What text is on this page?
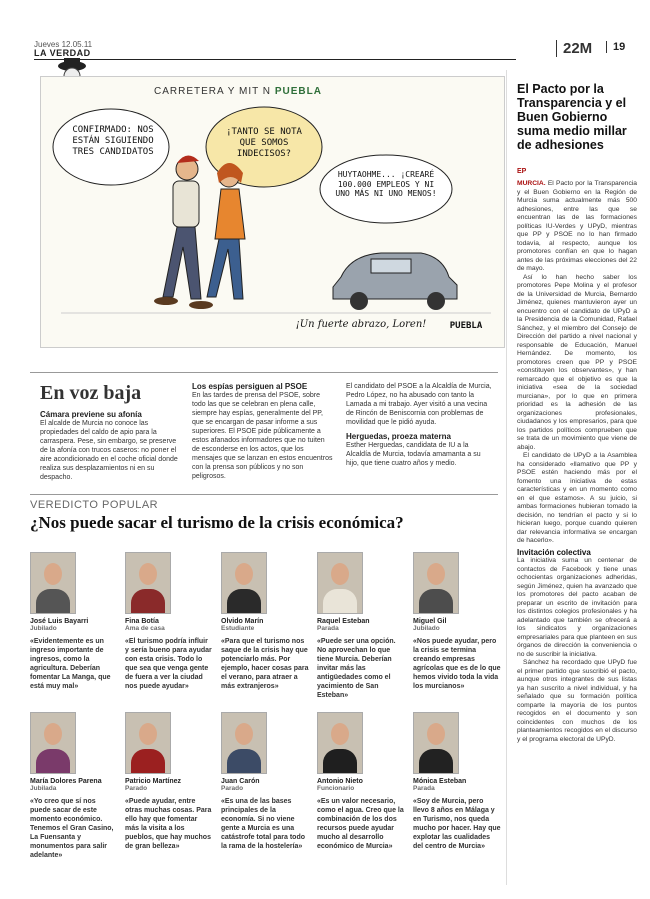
Jueves 12.05.11
LA VERDAD	22M	19
CONFIRMADO: NOS ESTÁN SIGUIENDO TRES CANDIDATOS
¡TANTO SE NOTA QUE SOMOS INDECISOS?
HUYTAOHME... ¡CREARÉ 100.000 EMPLEOS Y NI UNO MÁS NI UNO MENOS!
¡Un fuerte abrazo, Loren!	PUEBLA
CARRETERA Y MIT N PUEBLA
En voz baja
Cámara previene su afonía
El alcalde de Murcia no conoce las propiedades del caldo de apio para la carraspera. Pese, sin embargo, se preserve de la afonía con trucos caseros: no poner el aire acondicionado en el coche oficial donde realiza sus desplazamientos ni en su despacho.
Los espías persiguen al PSOE
En las tardes de prensa del PSOE, sobre todo las que se celebran en plena calle, siempre hay espías, generalmente del PP, que se encargan de pasar informe a sus superiores. El PSOE pide públicamente a estos afanados informadores que no tuiten de esconderse en los actos, que los mensajes que se lanzan en estos encuentros con la prensa son públicos y no son peligrosos.
El candidato del PSOE a la Alcaldía de Murcia, Pedro López, no ha abusado con tanto la Lamada a mi trabajo. Ayer visitó a una vecina de Rincón de Beniscornia con problemas de movilidad que le pidió ayuda.
Herguedas, proeza materna
Esther Herguedas, candidata de IU a la Alcaldía de Murcia, todavía amamanta a su hijo, que tiene cuatro años y medio.
VEREDICTO POPULAR
¿Nos puede sacar el turismo de la crisis económica?
José Luis Bayarri
Jubilado
«Evidentemente es un ingreso importante de ingresos, como la agricultura. Deberían fomentar La Manga, que está muy mal»
Fina Botía
Ama de casa
«El turismo podría influir y sería bueno para ayudar con esta crisis. Todo lo que sea que venga gente de fuera a ver la ciudad nos puede ayudar»
Olvido Marín
Estudiante
«Para que el turismo nos saque de la crisis hay que potenciarlo más. Por ejemplo, hacer cosas para el verano, para atraer a más extranjeros»
Raquel Esteban
Parada
«Puede ser una opción. No aprovechan lo que tiene Murcia. Deberían invitar más las antigüedades como el yacimiento de San Esteban»
Miguel Gil
Jubilado
«Nos puede ayudar, pero la crisis se termina creando empresas agrícolas que es de lo que hemos vivido toda la vida los murcianos»
María Dolores Parena
Jubilada
«Yo creo que sí nos puede sacar de este momento económico. Tenemos el Gran Casino, La Fuensanta y monumentos para salir adelante»
Patricio Martínez
Parado
«Puede ayudar, entre otras muchas cosas. Para ello hay que fomentar más la visita a los pueblos, que hay muchos de gran belleza»
Juan Carón
Parado
«Es una de las bases principales de la economía. Si no viene gente a Murcia es una catástrofe total para todo la rama de la hostelería»
Antonio Nieto
Funcionario
«Es un valor necesario, como el agua. Creo que la combinación de los dos recursos puede ayudar mucho al desarrollo económico de Murcia»
Mónica Esteban
Parada
«Soy de Murcia, pero llevo 8 años en Málaga y en Turismo, nos queda mucho por hacer. Hay que explotar las cualidades del centro de Murcia»
El Pacto por la Transparencia y el Buen Gobierno suma medio millar de adhesiones
EP
MURCIA. El Pacto por la Transparencia y el Buen Gobierno en la Región de Murcia suma actualmente más 500 adhesiones, entre las que se encuentran las de las formaciones políticas IU-Verdes y UPyD, mientras que PP y PSOE no lo han firmado todavía, al respecto, aunque los promotores confían en que lo hagan antes de las próximas elecciones del 22 de mayo.
Así lo han hecho saber los promotores Pepe Molina y el profesor de la Universidad de Murcia, Bernardo Jiménez, quienes mantuvieron ayer un encuentro con el candidato de UPyD a la Presidencia de la Comunidad, Rafael Sánchez, y el miembro del Consejo de Dirección del partido a nivel nacional y responsable de Educación, Manuel Hernández. De momento, los promotores creen que PP y PSOE «constituyen los observantes», y han remarcado que el objetivo es que la iniciativa «sea de la sociedad murciana», por lo que en primera prioridad es la adhesión de las organizaciones profesionales, ciudadanos y los empresarios, para que los partidos políticos comprueben que se trata de un movimiento que viene de abajo.
El candidato de UPyD a la Asamblea ha considerado «llamativo que PP y PSOE estén haciendo más por el fomento una iniciativa de estas características y en un momento como en el que estamos». A su juicio, si ambas formaciones hubieran tomado la decisión, no tendrían el pacto y si lo hicieran luego, porque cuando quieren dar relevancia informativa se encargan de hacerlo».
Invitación colectiva
La iniciativa suma un centenar de contactos de Facebook y tiene unas ochocientas organizaciones adheridas, según Jiménez, quien ha avanzado que los promotores del pacto acaban de preparar un escrito de invitación para los distintos colegios profesionales y ha adelantado que también se ofrecerá a los sindicatos y organizaciones empresariales para que planteen en sus órganos de dirección la conveniencia o no de suscribir la iniciativa.
Sánchez ha recordado que UPyD fue el primer partido que suscribió el pacto, aunque otros integrantes de sus listas ya han suscrito a nivel individual, y ha señalado que su formación política comparte la mayoría de los puntos recogidos en el documento y son coincidentes con muchos de los planteamientos recogidos en el discurso y el programa electoral de UPyD.
